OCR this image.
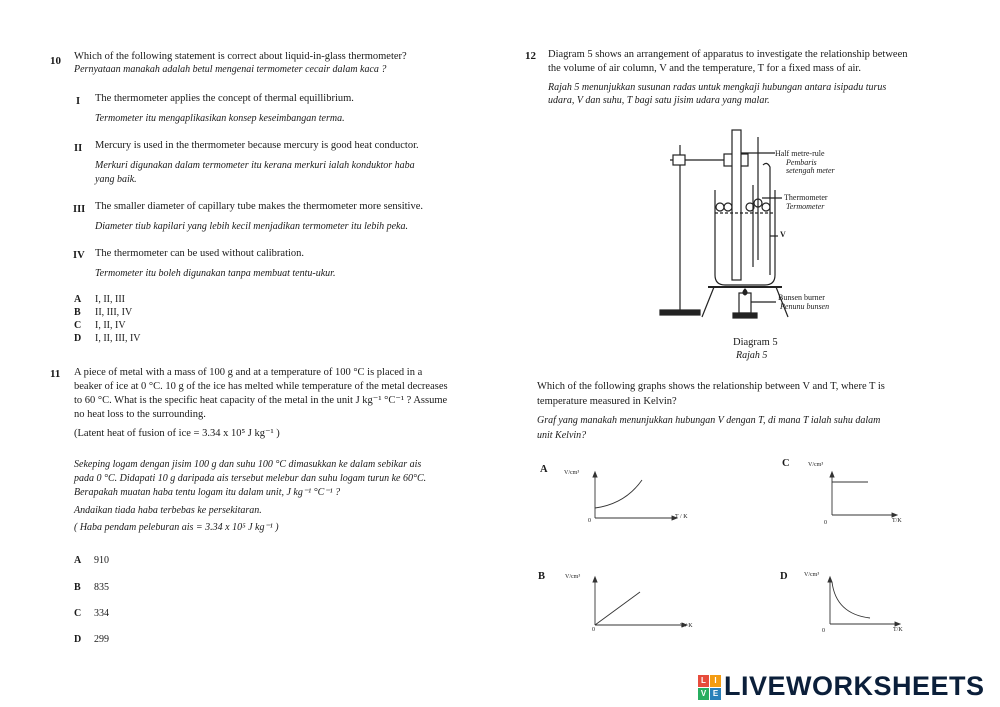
10 Which of the following statement is correct about liquid-in-glass thermometer?
Pernyataan manakah adalah betul mengenai termometer cecair dalam kaca ?
I The thermometer applies the concept of thermal equillibrium.
Termometer itu mengaplikasikan konsep keseimbangan terma.
II Mercury is used in the thermometer because mercury is good heat conductor.
Merkuri digunakan dalam termometer itu kerana merkuri ialah konduktor haba
yang baik.
III The smaller diameter of capillary tube makes the thermometer more sensitive.
Diameter tiub kapilari yang lebih kecil menjadikan termometer itu lebih peka.
IV The thermometer can be used without calibration.
Termometer itu boleh digunakan tanpa membuat tentu-ukur.
A I, II, III
B II, III, IV
C I, II, IV
D I, II, III, IV
11 A piece of metal with a mass of 100 g and at a temperature of 100 °C is placed in a
beaker of ice at 0 °C. 10 g of the ice has melted while temperature of the metal decreases
to 60 °C. What is the specific heat capacity of the metal in the unit J kg⁻¹ °C⁻¹ ? Assume
no heat loss to the surrounding.
(Latent heat of fusion of ice = 3.34 x 10⁵ J kg⁻¹ )
Sekeping logam dengan jisim 100 g dan suhu 100 °C dimasukkan ke dalam sebikar ais
pada 0 °C. Didapati 10 g daripada ais tersebut melebur dan suhu logam turun ke 60°C.
Berapakah muatan haba tentu logam itu dalam unit, J kg⁻¹ °C⁻¹ ?
Andaikan tiada haba terbebas ke persekitaran.
( Haba pendam peleburan ais = 3.34 x 10⁵ J kg⁻¹ )
A 910
B 835
C 334
D 299
12 Diagram 5 shows an arrangement of apparatus to investigate the relationship between
the volume of air column, V and the temperature, T for a fixed mass of air.
Rajah 5 menunjukkan susunan radas untuk mengkaji hubungan antara isipadu turus
udara, V dan suhu, T bagi satu jisim udara yang malar.
Half metre-rule
Pembaris
setengah meter
Thermometer
Termometer
V
Bunsen burner
Penunu bunsen
Diagram 5
Rajah 5
Which of the following graphs shows the relationship between V and T, where T is
temperature measured in Kelvin?
Graf yang manakah menunjukkan hubungan V dengan T, di mana T ialah suhu dalam
unit Kelvin?
A	V/cm³
T / K
0
B	V/cm³
T / K
0
C	V/cm³
T/K
0
D	V/cm³
T/K
0
L	I
V E LIVEWORKSHEETS
